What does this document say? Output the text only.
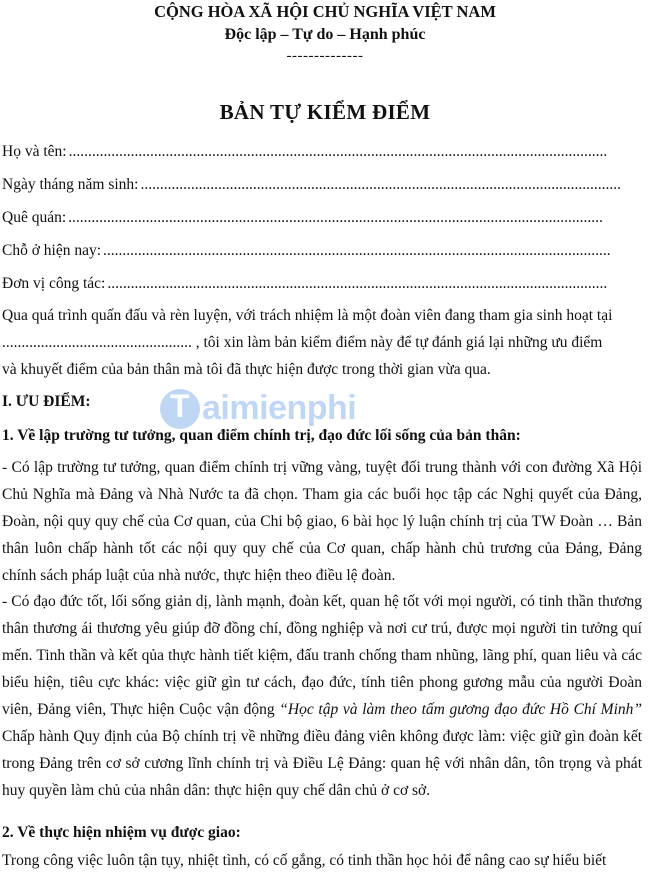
CỘNG HÒA XÃ HỘI CHỦ NGHĨA VIỆT NAM
Độc lập – Tự do – Hạnh phúc
--------------
BẢN TỰ KIỂM ĐIỂM
Họ và tên: ...........................................................................................................................................
Ngày tháng năm sinh: ............................................................................................................................
Quê quán: ..........................................................................................................................................
Chỗ ở hiện nay: ...................................................................................................................................
Đơn vị công tác: .................................................................................................................................
Qua quá trình quấn đấu và rèn luyện, với trách nhiệm là một đoàn viên đang tham gia sinh hoạt tại
................................................. , tôi xin làm bản kiểm điểm này để tự đánh giá lại những ưu điểm
và khuyết điểm của bản thân mà tôi đã thực hiện được trong thời gian vừa qua.
I. ƯU ĐIỂM:
1. Về lập trường tư tưởng, quan điểm chính trị, đạo đức lối sống của bản thân:
- Có lập trường tư tưởng, quan điểm chính trị vững vàng, tuyệt đối trung thành với con đường Xã Hội Chủ Nghĩa mà Đảng và Nhà Nước ta đã chọn. Tham gia các buổi học tập các Nghị quyết của Đảng, Đoàn, nội quy quy chế của Cơ quan, của Chi bộ giao, 6 bài học lý luận chính trị của TW Đoàn … Bản thân luôn chấp hành tốt các nội quy quy chế của Cơ quan, chấp hành chủ trương của Đảng, Đảng chính sách pháp luật của nhà nước, thực hiện theo điều lệ đoàn.
- Có đạo đức tốt, lối sống giản dị, lành mạnh, đoàn kết, quan hệ tốt với mọi người, có tinh thần thương thân thương ái thương yêu giúp đỡ đồng chí, đồng nghiệp và nơi cư trú, được mọi người tin tưởng quí mến. Tinh thần và kết qủa thực hành tiết kiệm, đấu tranh chống tham nhũng, lãng phí, quan liêu và các biểu hiện, tiêu cực khác: việc giữ gìn tư cách, đạo đức, tính tiên phong gương mẫu của người Đoàn viên, Đảng viên, Thực hiện Cuộc vận động “Học tập và làm theo tấm gương đạo đức Hồ Chí Minh” Chấp hành Quy định của Bộ chính trị về những điều đảng viên không được làm: việc giữ gìn đoàn kết trong Đảng trên cơ sở cương lĩnh chính trị và Điều Lệ Đảng: quan hệ với nhân dân, tôn trọng và phát huy quyền làm chủ của nhân dân: thực hiện quy chế dân chủ ở cơ sở.
2. Về thực hiện nhiệm vụ được giao:
Trong công việc luôn tận tụy, nhiệt tình, có cố gắng, có tinh thần học hỏi để nâng cao sự hiểu biết
T aimienphi
